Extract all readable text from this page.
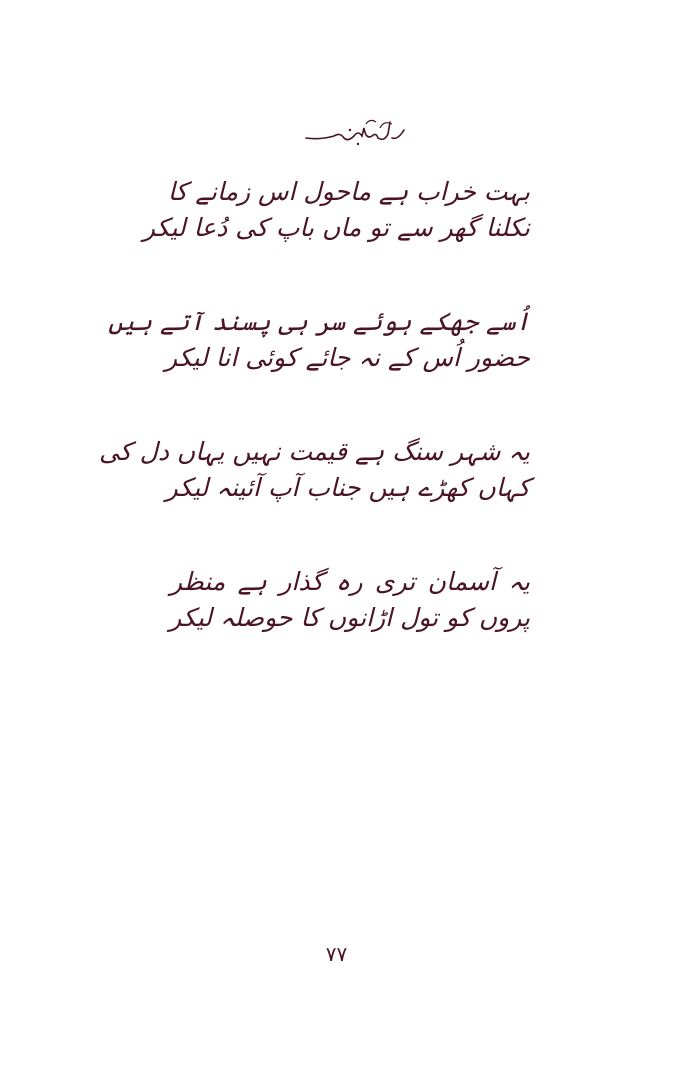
بہت خراب ہے ماحول اس زمانے کا
نکلنا گھر سے تو ماں باپ کی دُعا لیکر
اُسے جھکے ہوئے سر ہی پسند آتے ہیں
حضور اُس کے نہ جائے کوئی انا لیکر
یہ شہر سنگ ہے قیمت نہیں یہاں دل کی
کہاں کھڑے ہیں جناب آپ آئینہ لیکر
یہ آسمان تری رہ گذار ہے منظر
پروں کو تول اڑانوں کا حوصلہ لیکر
۷۷
